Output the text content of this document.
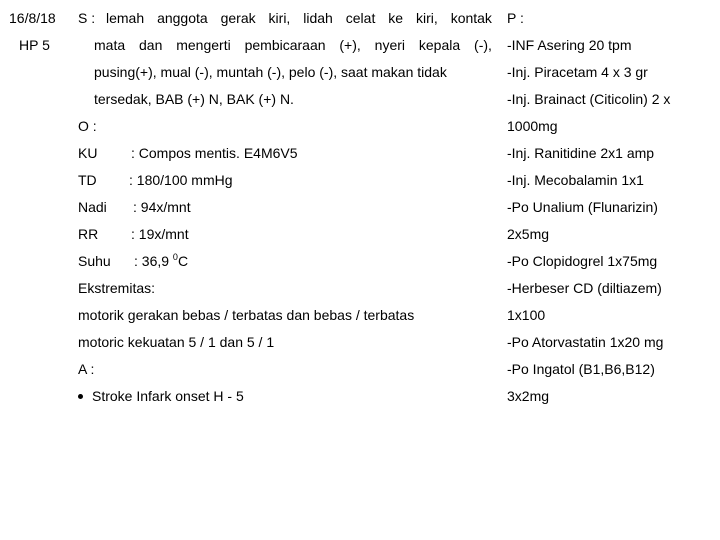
16/8/18
HP 5
S : lemah anggota gerak kiri, lidah celat ke kiri, kontak
mata dan mengerti pembicaraan (+), nyeri kepala (-),
pusing(+), mual (-), muntah (-), pelo (-), saat makan tidak
tersedak, BAB (+) N, BAK (+) N.
O :
KU : Compos mentis. E4M6V5
TD : 180/100 mmHg
Nadi : 94x/mnt
RR : 19x/mnt
Suhu : 36,9 $^0$C
Ekstremitas:
motorik gerakan bebas / terbatas dan bebas / terbatas
motoric kekuatan 5 / 1 dan 5 / 1
A :
Stroke Infark onset H - 5
P :
-INF Asering 20 tpm
-Inj. Piracetam 4 x 3 gr
-Inj. Brainact (Citicolin) 2 x
1000mg
-Inj. Ranitidine 2x1 amp
-Inj. Mecobalamin 1x1
-Po Unalium (Flunarizin)
2x5mg
-Po Clopidogrel 1x75mg
-Herbeser CD (diltiazem)
1x100
-Po Atorvastatin 1x20 mg
-Po Ingatol (B1,B6,B12)
3x2mg
